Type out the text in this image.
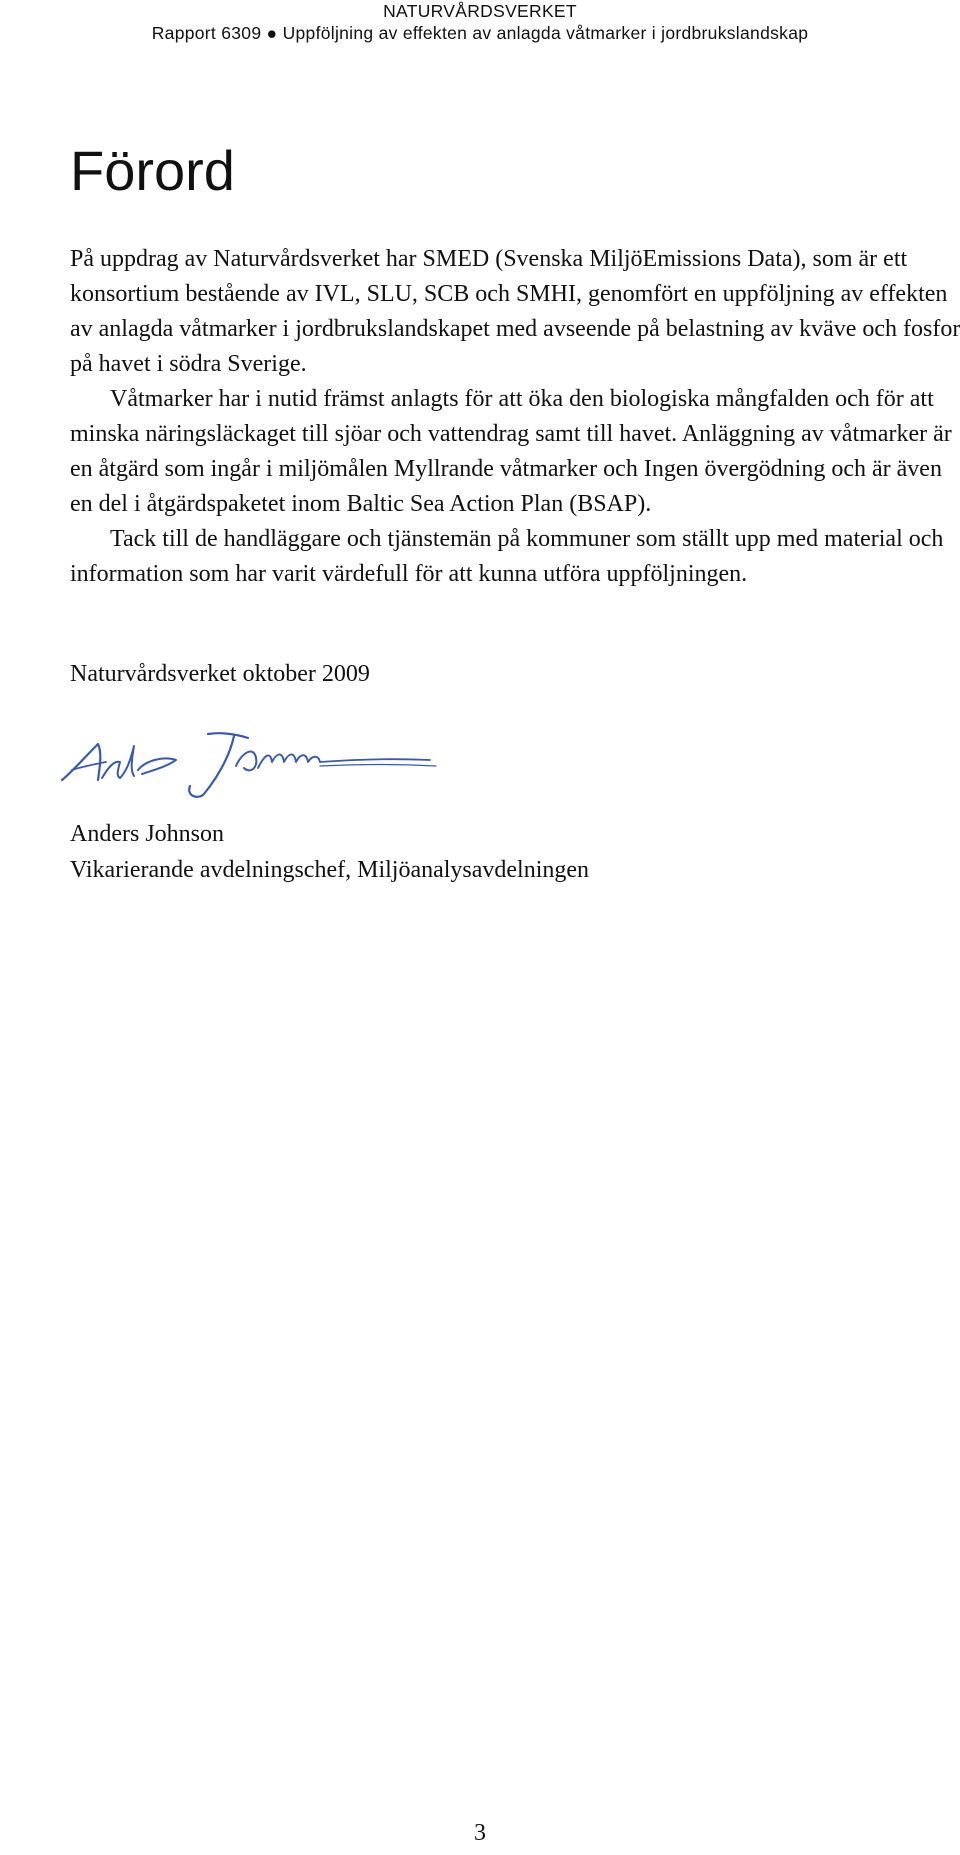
NATURVÅRDSVERKET
Rapport 6309 ● Uppföljning av effekten av anlagda våtmarker i jordbrukslandskap
Förord

På uppdrag av Naturvårdsverket har SMED (Svenska MiljöEmissions Data), som är ett konsortium bestående av IVL, SLU, SCB och SMHI, genomfört en uppföljning av effekten av anlagda våtmarker i jordbrukslandskapet med avseende på belastning av kväve och fosfor på havet i södra Sverige.

Våtmarker har i nutid främst anlagts för att öka den biologiska mångfalden och för att minska näringsläckaget till sjöar och vattendrag samt till havet. Anläggning av våtmarker är en åtgärd som ingår i miljömålen Myllrande våtmarker och Ingen övergödning och är även en del i åtgärdspaketet inom Baltic Sea Action Plan (BSAP).

Tack till de handläggare och tjänstemän på kommuner som ställt upp med material och information som har varit värdefull för att kunna utföra uppföljningen.

Naturvårdsverket oktober 2009
Anders Johnson
Vikarierande avdelningschef, Miljöanalysavdelningen
3
